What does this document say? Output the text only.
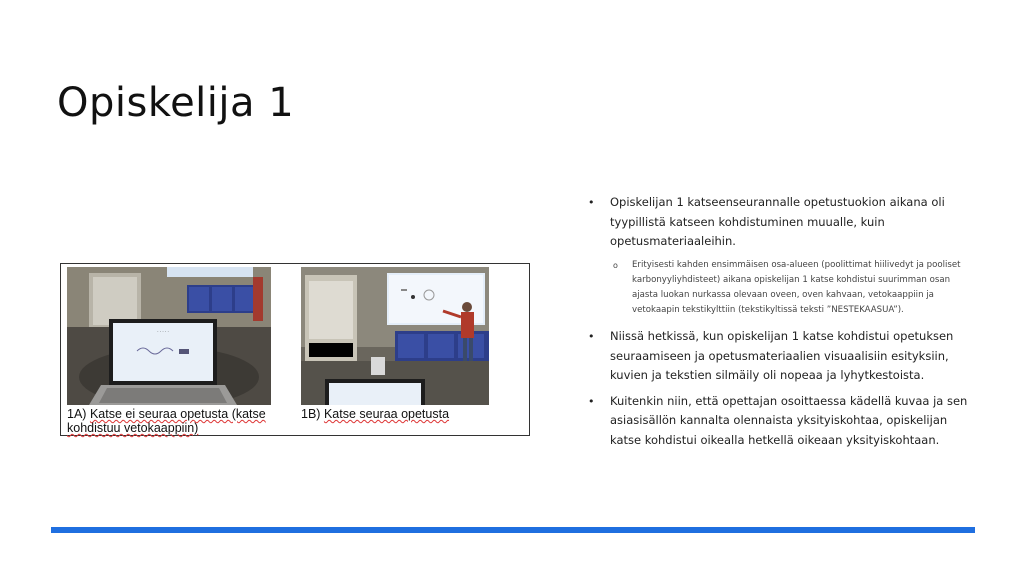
Opiskelija 1
· · · · ·
1A) Katse ei seuraa opetusta (katse kohdistuu vetokaappiin)
1B) Katse seuraa opetusta
• Opiskelijan 1 katseenseurannalle opetustuokion aikana oli tyypillistä katseen kohdistuminen muualle, kuin opetusmateriaaleihin.
o Erityisesti kahden ensimmäisen osa-alueen (poolittimat hiilivedyt ja pooliset karbonyyliyhdisteet) aikana opiskelijan 1 katse kohdistui suurimman osan ajasta luokan nurkassa olevaan oveen, oven kahvaan, vetokaappiin ja vetokaapin tekstikylttiin (tekstikyltissä teksti ”NESTEKAASUA”).
• Niissä hetkissä, kun opiskelijan 1 katse kohdistui opetuksen seuraamiseen ja opetusmateriaalien visuaalisiin esityksiin, kuvien ja tekstien silmäily oli nopeaa ja lyhytkestoista.
• Kuitenkin niin, että opettajan osoittaessa kädellä kuvaa ja sen asiasisällön kannalta olennaista yksityiskohtaa, opiskelijan katse kohdistui oikealla hetkellä oikeaan yksityiskohtaan.
